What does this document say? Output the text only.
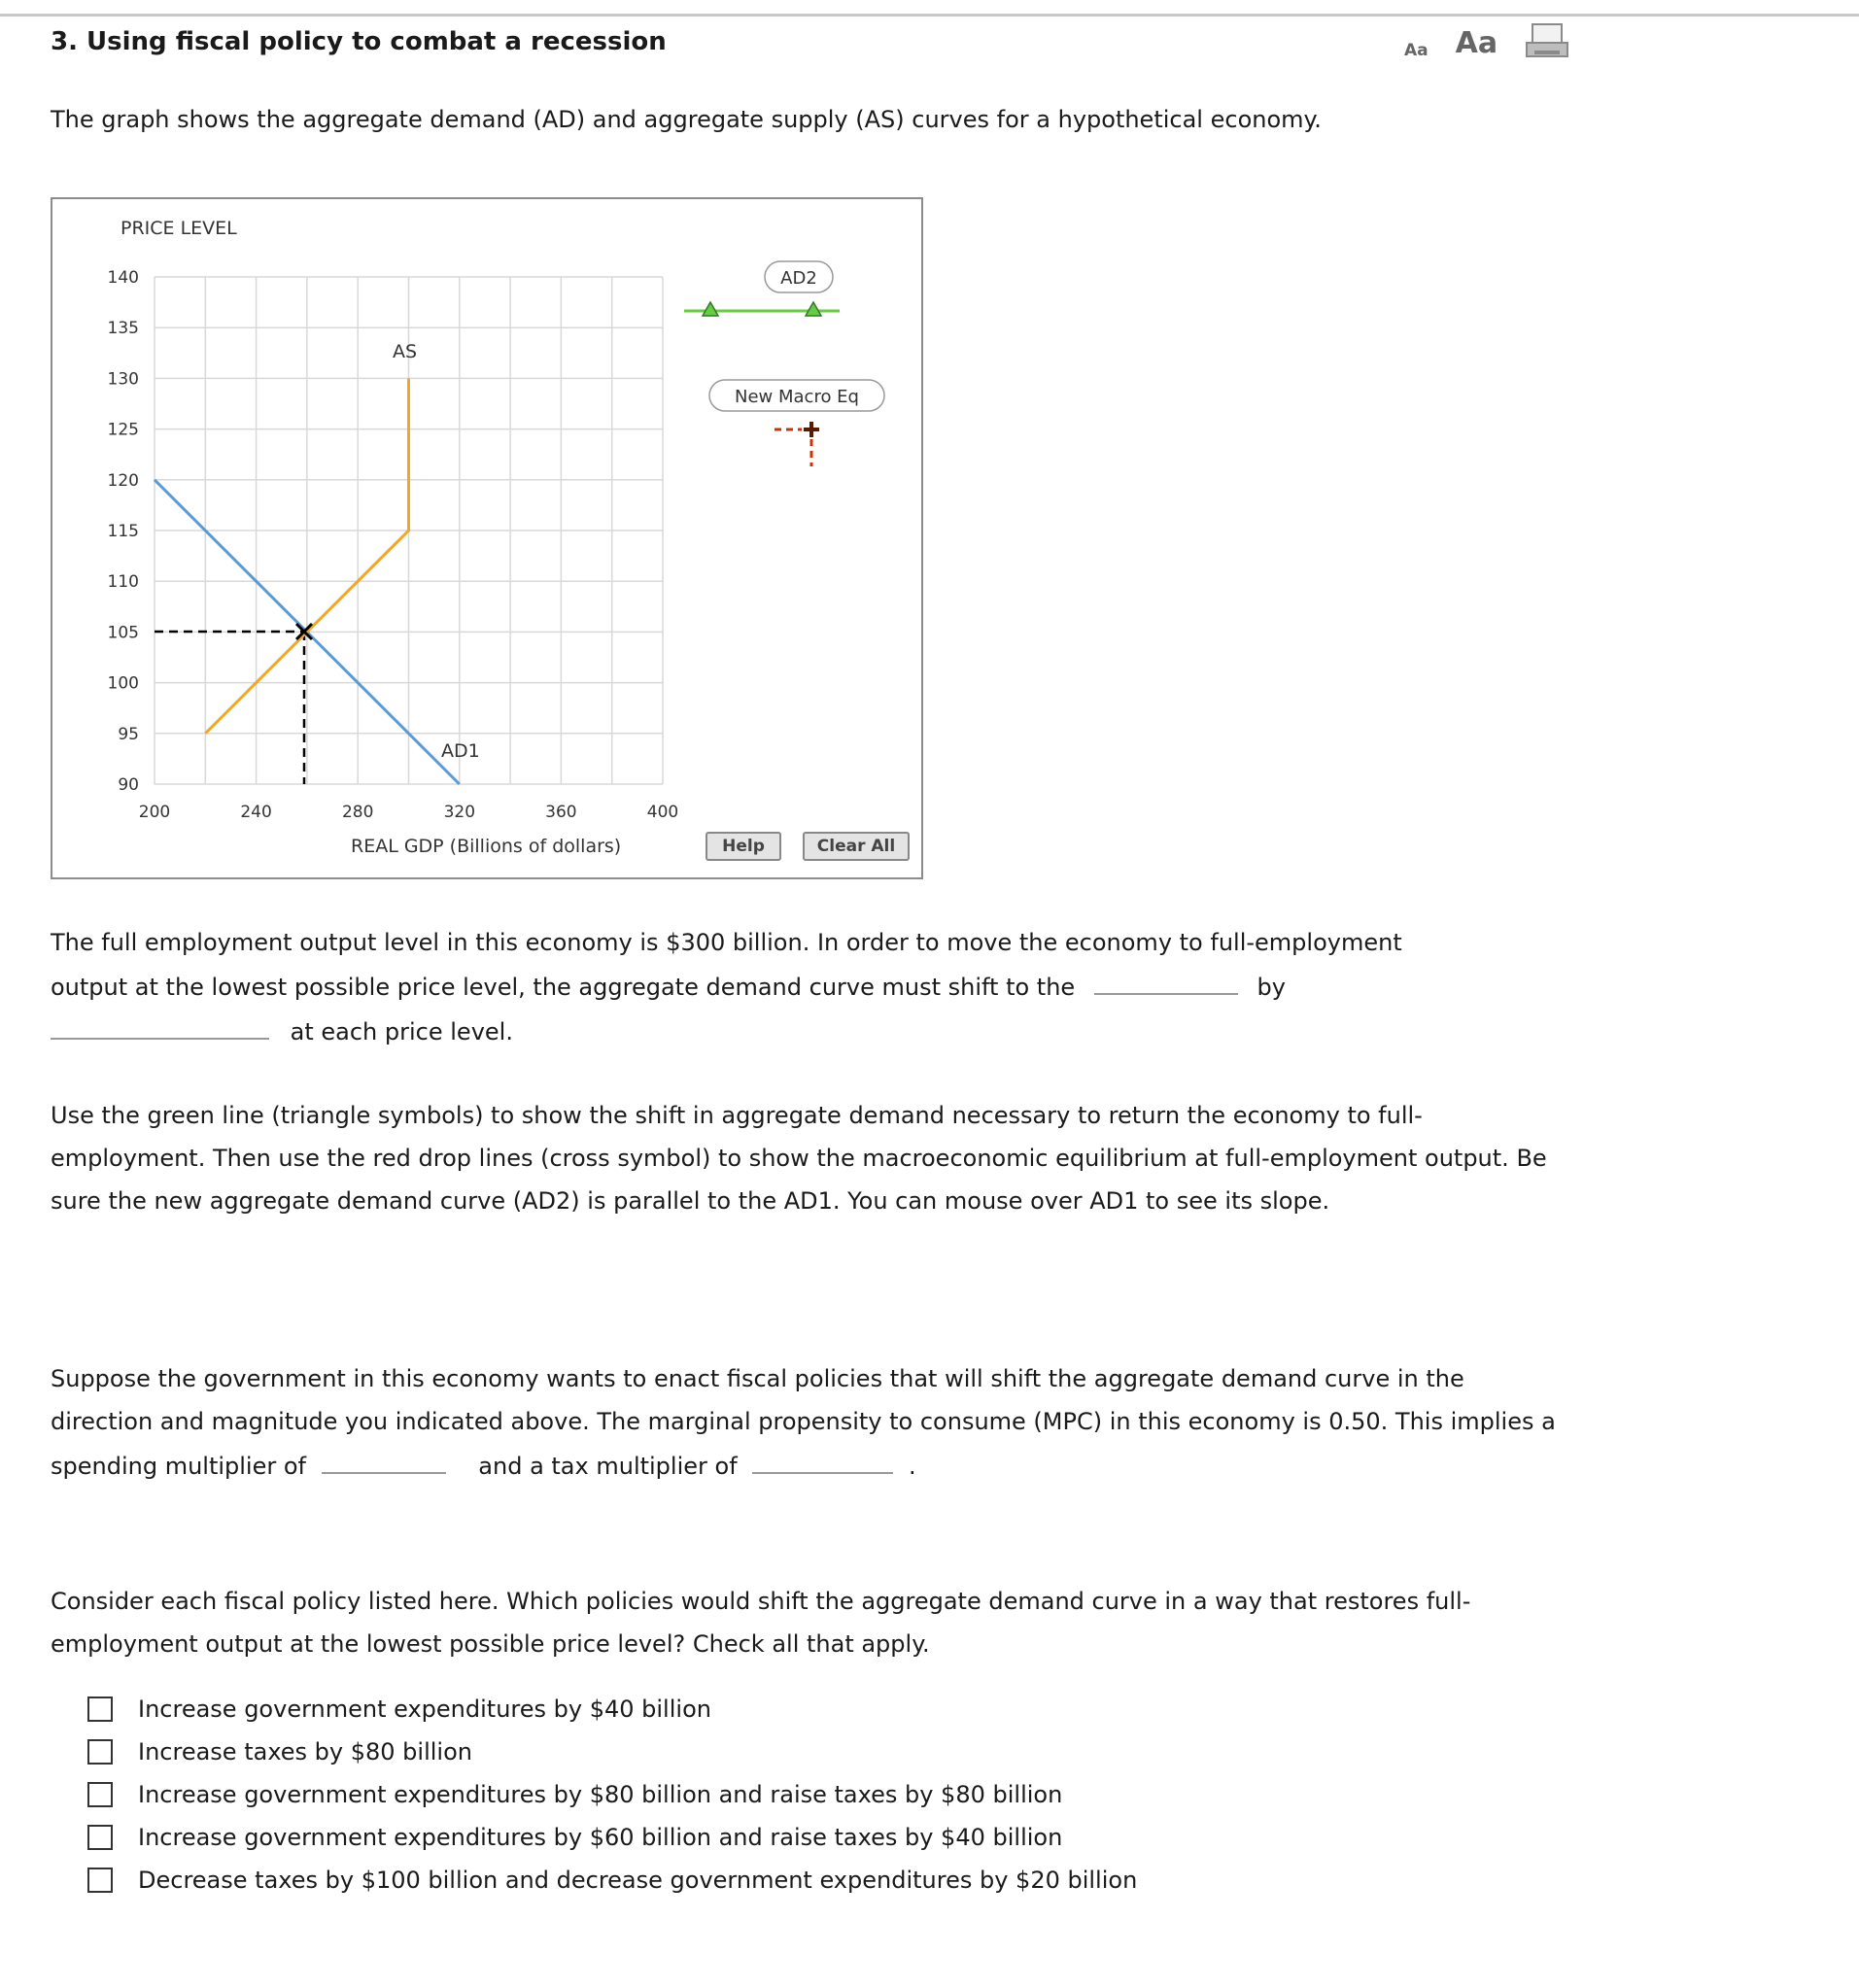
3. Using fiscal policy to combat a recession	Aa Aa
The graph shows the aggregate demand (AD) and aggregate supply (AS) curves for a hypothetical economy.
PRICE LEVEL
140
135
130
125
120
115
110
105
100
95
90
200	240	280	320	360	400
AD1
AS
REAL GDP (Billions of dollars)
AD2
New Macro Eq
Help	Clear All
The full employment output level in this economy is $300 billion. In order to move the economy to full-employment
output at the lowest possible price level, the aggregate demand curve must shift to the	by
at each price level.
Use the green line (triangle symbols) to show the shift in aggregate demand necessary to return the economy to full-employment. Then use the red drop lines (cross symbol) to show the macroeconomic equilibrium at full-employment output. Be sure the new aggregate demand curve (AD2) is parallel to the AD1. You can mouse over AD1 to see its slope.
Suppose the government in this economy wants to enact fiscal policies that will shift the aggregate demand curve in the direction and magnitude you indicated above. The marginal propensity to consume (MPC) in this economy is 0.50. This implies a spending multiplier of	and a tax multiplier of	.
Consider each fiscal policy listed here. Which policies would shift the aggregate demand curve in a way that restores full-employment output at the lowest possible price level? Check all that apply.
Increase government expenditures by $40 billion
Increase taxes by $80 billion
Increase government expenditures by $80 billion and raise taxes by $80 billion
Increase government expenditures by $60 billion and raise taxes by $40 billion
Decrease taxes by $100 billion and decrease government expenditures by $20 billion
